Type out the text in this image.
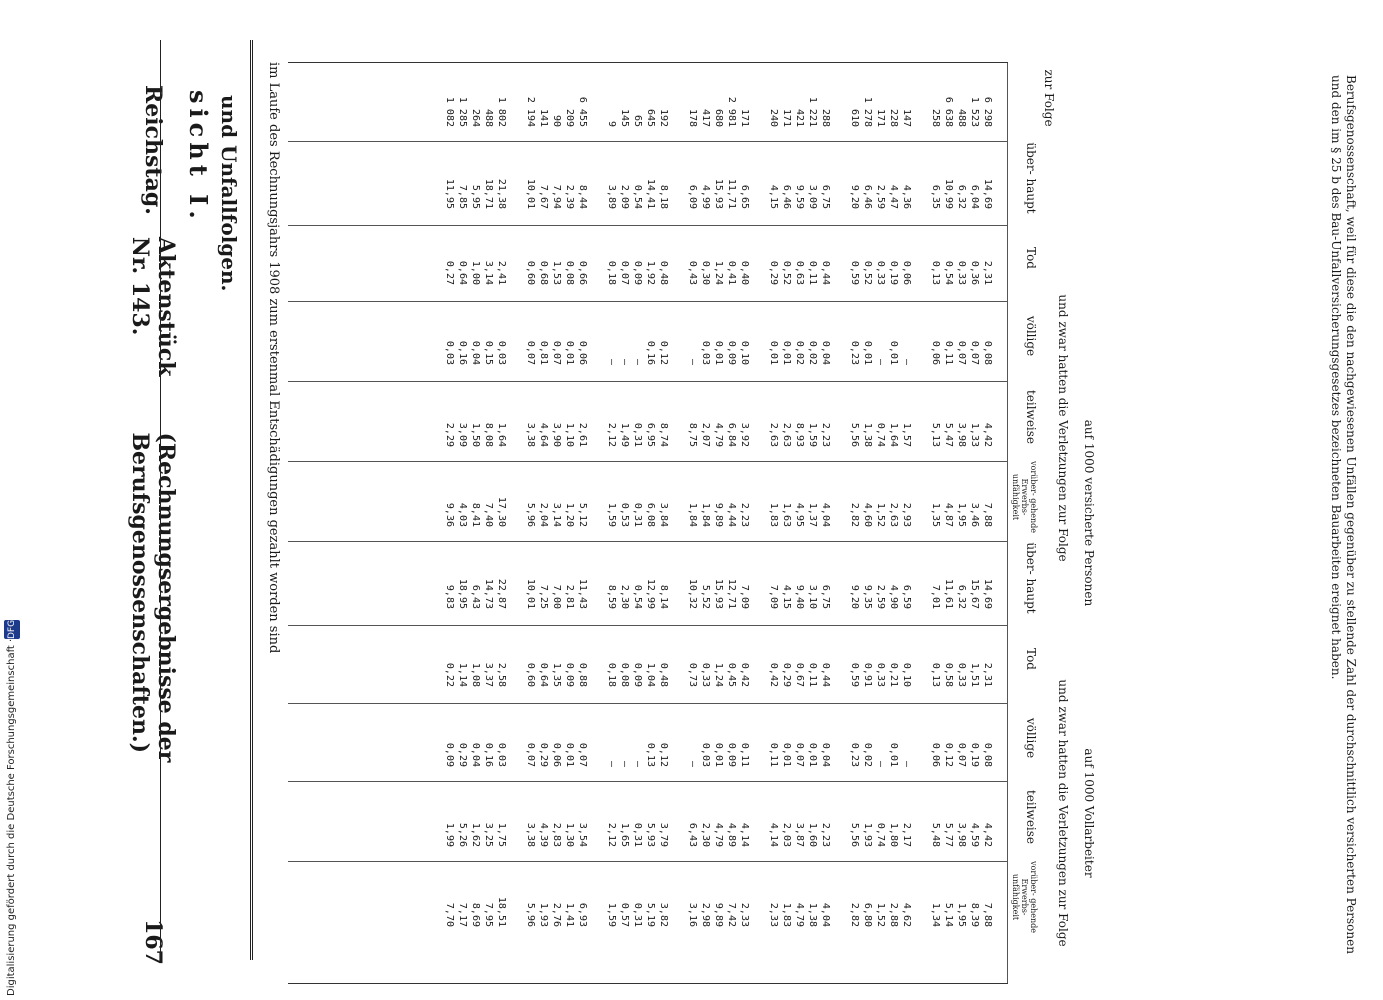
Reichstag.
Aktenstück Nr. 143.
(Rechnungsergebnisse der Berufsgenossenschaften.)
167
sicht I. und Unfallfolgen. im Laufe des Rechnungsjahrs 1908 zum erstenmal Entschädigungen gezahlt worden sind	auf 1000 versicherte Personen
auf 1000 Vollarbeiter
und zwar hatten die Verletzungen zur Folge
und zwar hatten die Verletzungen zur Folge
zur Folge
über- haupt
Tod
völlige
teilweise
vorüber- gehende Erwerbs- unfähigkeit
über- haupt
Tod
völlige
teilweise
vorüber- gehende Erwerbs- unfähigkeit
6 298
14,69
2,31
0,08
4,42
7,88
14,69
2,31
0,08
4,42
7,88
1 523
6,04
0,36
0,07
1,33
3,46
15,67
1,51
0,19
4,59
8,39
488
6,32
0,33
0,07
3,98
1,95
6,32
0,33
0,07
3,98
1,95
6 638
10,99
0,54
0,11
5,47
4,87
11,61
0,58
0,12
5,77
5,14
258
6,35
0,13
0,06
5,13
1,35
7,01
0,13
0,06
5,48
1,34
147
4,36
0,06
—
1,57
2,93
6,59
0,10
—
2,17
4,62
228
4,47
0,19
0,01
1,64
2,63
4,90
0,21
0,01
1,80
2,88
171
2,59
0,33
—
0,74
1,52
2,59
0,33
—
0,74
1,52
1 278
6,46
0,52
0,01
1,38
4,60
9,35
0,91
0,02
1,93
6,80
610
9,20
0,59
0,23
5,56
2,82
9,20
0,59
0,23
5,56
2,82
288
6,75
0,44
0,04
2,23
4,04
6,75
0,44
0,04
2,23
4,04
1 221
3,09
0,11
0,02
1,59
1,37
3,10
0,11
0,01
1,60
1,38
421
9,59
0,63
0,02
8,93
4,95
9,40
0,67
0,07
3,87
4,79
171
6,46
0,52
0,01
2,63
1,63
4,15
0,29
0,01
2,03
1,83
240
4,15
0,29
0,01
2,63
1,83
7,09
0,42
0,11
4,14
2,33
171
6,65
0,40
0,10
3,92
2,23
7,09
0,42
0,11
4,14
2,33
2 981
11,71
0,41
0,09
6,84
4,44
12,71
0,45
0,09
4,89
7,42
680
15,93
1,24
0,01
4,79
9,89
15,93
1,24
0,01
4,79
9,89
417
4,99
0,30
0,03
2,07
1,84
5,52
0,33
0,03
2,30
2,98
178
6,09
0,43
—
8,75
1,84
10,32
0,73
—
6,43
3,16
192
8,18
0,48
0,12
8,74
3,84
8,14
0,48
0,12
3,79
3,82
645
14,41
1,92
0,16
6,95
6,08
12,99
1,04
0,13
5,93
5,19
65
0,54
0,09
—
0,31
0,31
0,54
0,09
—
0,31
0,31
145
2,09
0,07
—
1,49
0,53
2,30
0,08
—
1,65
0,57
9
3,89
0,18
—
2,12
1,59
8,59
0,18
—
2,12
1,59
6 455
8,44
0,66
0,06
2,61
5,12
11,43
0,88
0,07
3,54
6,93
209
2,39
0,08
0,01
1,10
1,20
2,81
0,09
0,01
1,30
1,41
90
7,94
1,53
0,07
3,90
3,14
7,00
1,35
0,06
2,83
2,76
141
7,67
0,68
0,81
4,64
2,04
7,25
0,64
0,29
4,39
1,93
2 194
10,01
0,60
0,07
3,38
5,96
10,01
0,60
0,07
3,38
5,96
1 802
21,38
2,41
0,03
1,64
17,30
22,87
2,58
0,03
1,75
18,51
488
18,71
3,14
0,15
8,08
7,40
14,73
3,37
0,16
3,25
7,95
264
5,95
1,00
0,04
1,50
8,41
6,43
1,08
0,04
1,62
8,69
1 285
7,85
0,64
0,16
3,09
4,03
18,95
1,14
0,29
5,26
7,17
1 082
11,95
0,27
0,03
2,29
9,36
9,83
0,22
0,09
1,99
7,70	Berufsgenossenschaft, weil für diese die den nachgewiesenen Unfällen gegenüber zu stellende Zahl der durchschnittlich versicherten Personen und den im § 25 b des Bau-Unfallversicherungsgesetzes bezeichneten Bauarbeiten ereignet haben.
Digitalisierung gefördert durch die Deutsche Forschungsgemeinschaft ·DFG
